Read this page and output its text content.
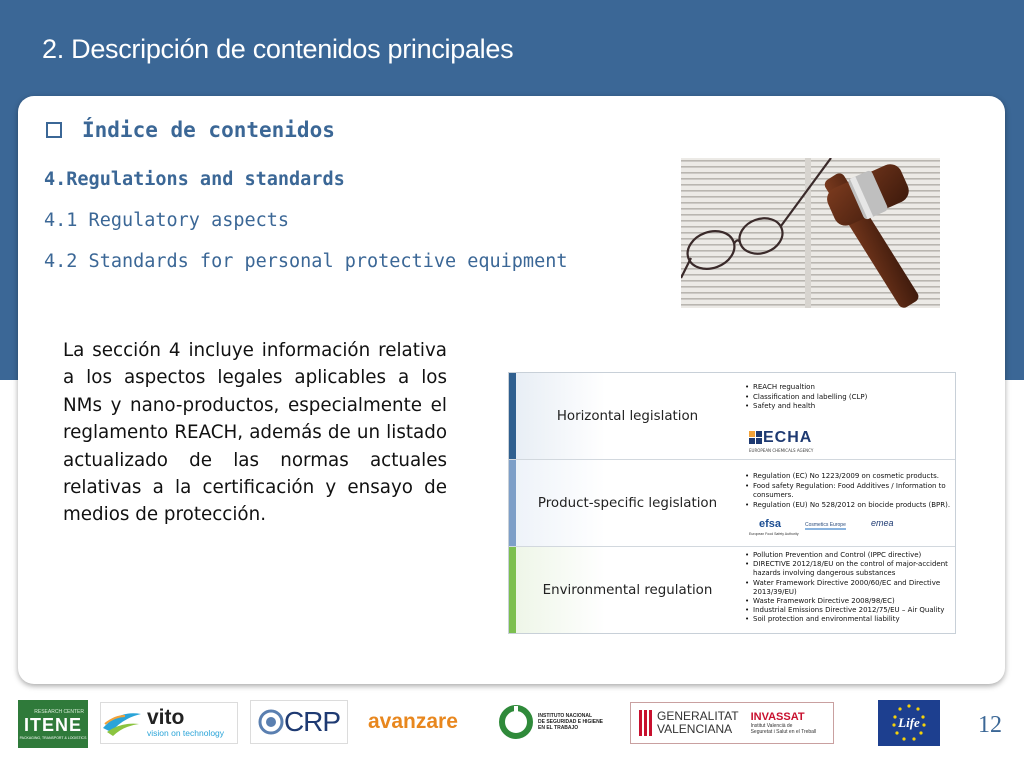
2. Descripción de contenidos principales
Índice de contenidos

4.Regulations and standards

4.1 Regulatory aspects

4.2 Standards for personal protective equipment

La sección 4 incluye información relativa a los aspectos legales aplicables a los NMs y nano-productos, especialmente el reglamento REACH, además de un listado actualizado de las normas actuales relativas a la certificación y ensayo de medios de protección.

Horizontal legislation
• REACH regualtion
• Classification and labelling (CLP)
• Safety and health
ECHA
EUROPEAN CHEMICALS AGENCY
Product-specific legislation
• Regulation (EC) No 1223/2009 on cosmetic products.
• Food safety Regulation: Food Additives / Information to consumers.
• Regulation (EU) No 528/2012 on biocide products (BPR).
efsa
European Food Safety Authority
Cosmetics Europe	emea
Environmental regulation
• Pollution Prevention and Control (IPPC directive)
• DIRECTIVE 2012/18/EU on the control of major-accident hazards involving dangerous substances
• Water Framework Directive 2000/60/EC and Directive 2013/39/EU)
• Waste Framework Directive 2008/98/EC)
• Industrial Emissions Directive 2012/75/EU – Air Quality
• Soil protection and environmental liability
RESEARCH CENTER
ITENE
PACKAGING, TRANSPORT & LOGISTICS
vito
vision on technology CRP avanzare	INSTITUTO NACIONAL
DE SEGURIDAD E HIGIENE
EN EL TRABAJO
GENERALITAT
VALENCIANA
INVASSAT
Institut Valencià de
Seguretat i Salut en el Treball
Life 12
